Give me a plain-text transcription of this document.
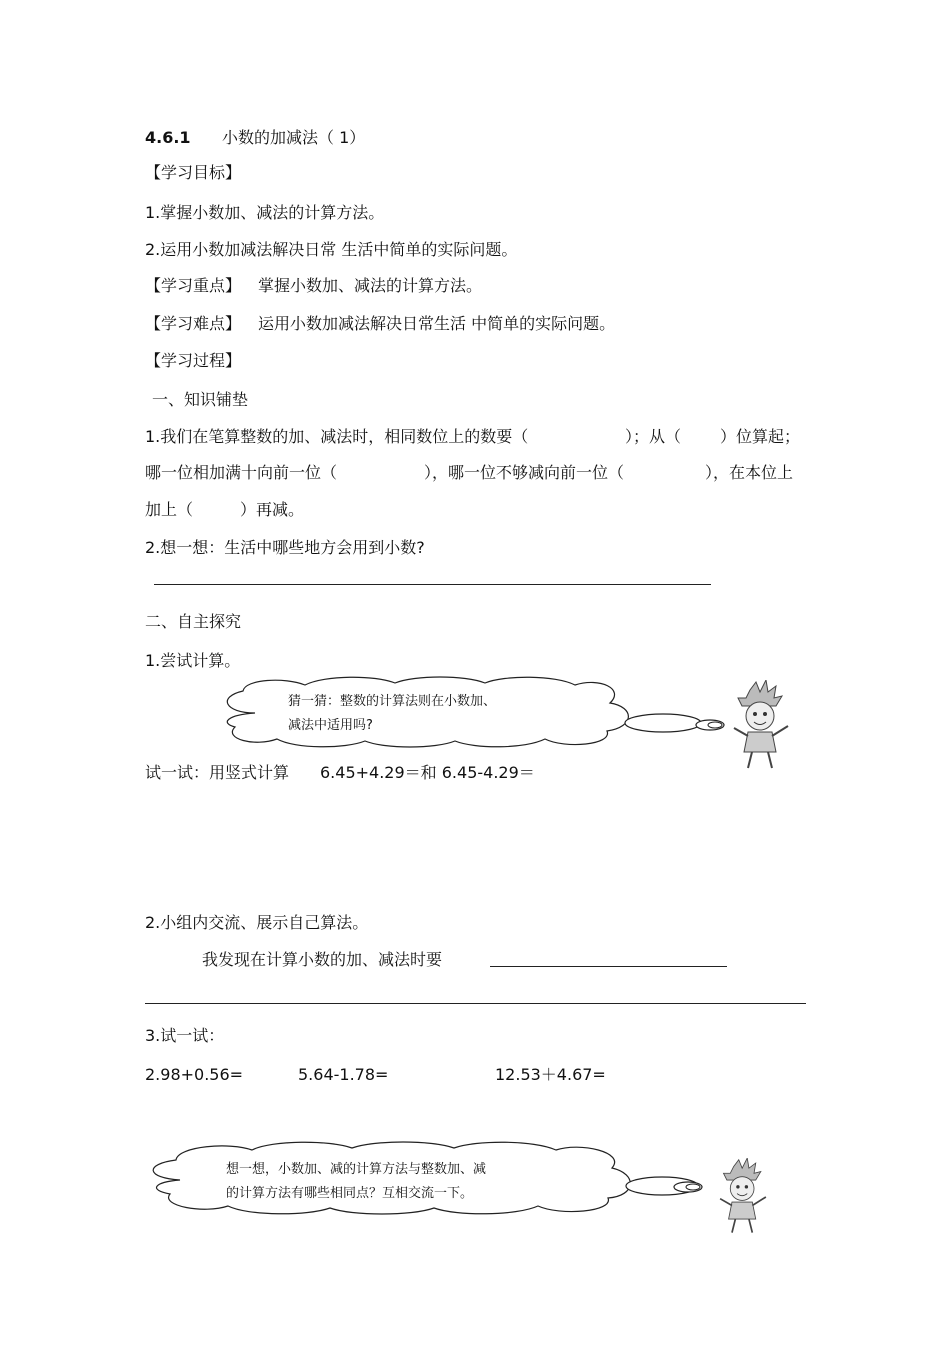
4.6.1 小数的加减法（ 1）
【学习目标】
1.掌握小数加、减法的计算方法。
2.运用小数加减法解决日常 生活中简单的实际问题。
【学习重点】 掌握小数加、减法的计算方法。
【学习难点】 运用小数加减法解决日常生活 中简单的实际问题。
【学习过程】
一、知识铺垫
1.我们在笔算整数的加、减法时，相同数位上的数要（	）；从（ ）位算起；
哪一位相加满十向前一位（	），哪一位不够减向前一位（	），在本位上
加上（	）再减。
2.想一想：生活中哪些地方会用到小数?
二、自主探究
1.尝试计算。
猜一猜：整数的计算法则在小数加、
减法中适用吗?
试一试：用竖式计算 6.45+4.29＝和 6.45-4.29＝
2.小组内交流、展示自己算法。
我发现在计算小数的加、减法时要
3.试一试：
2.98+0.56=	5.64-1.78=	12.53＋4.67=
想一想，小数加、减的计算方法与整数加、减
的计算方法有哪些相同点？互相交流一下。
